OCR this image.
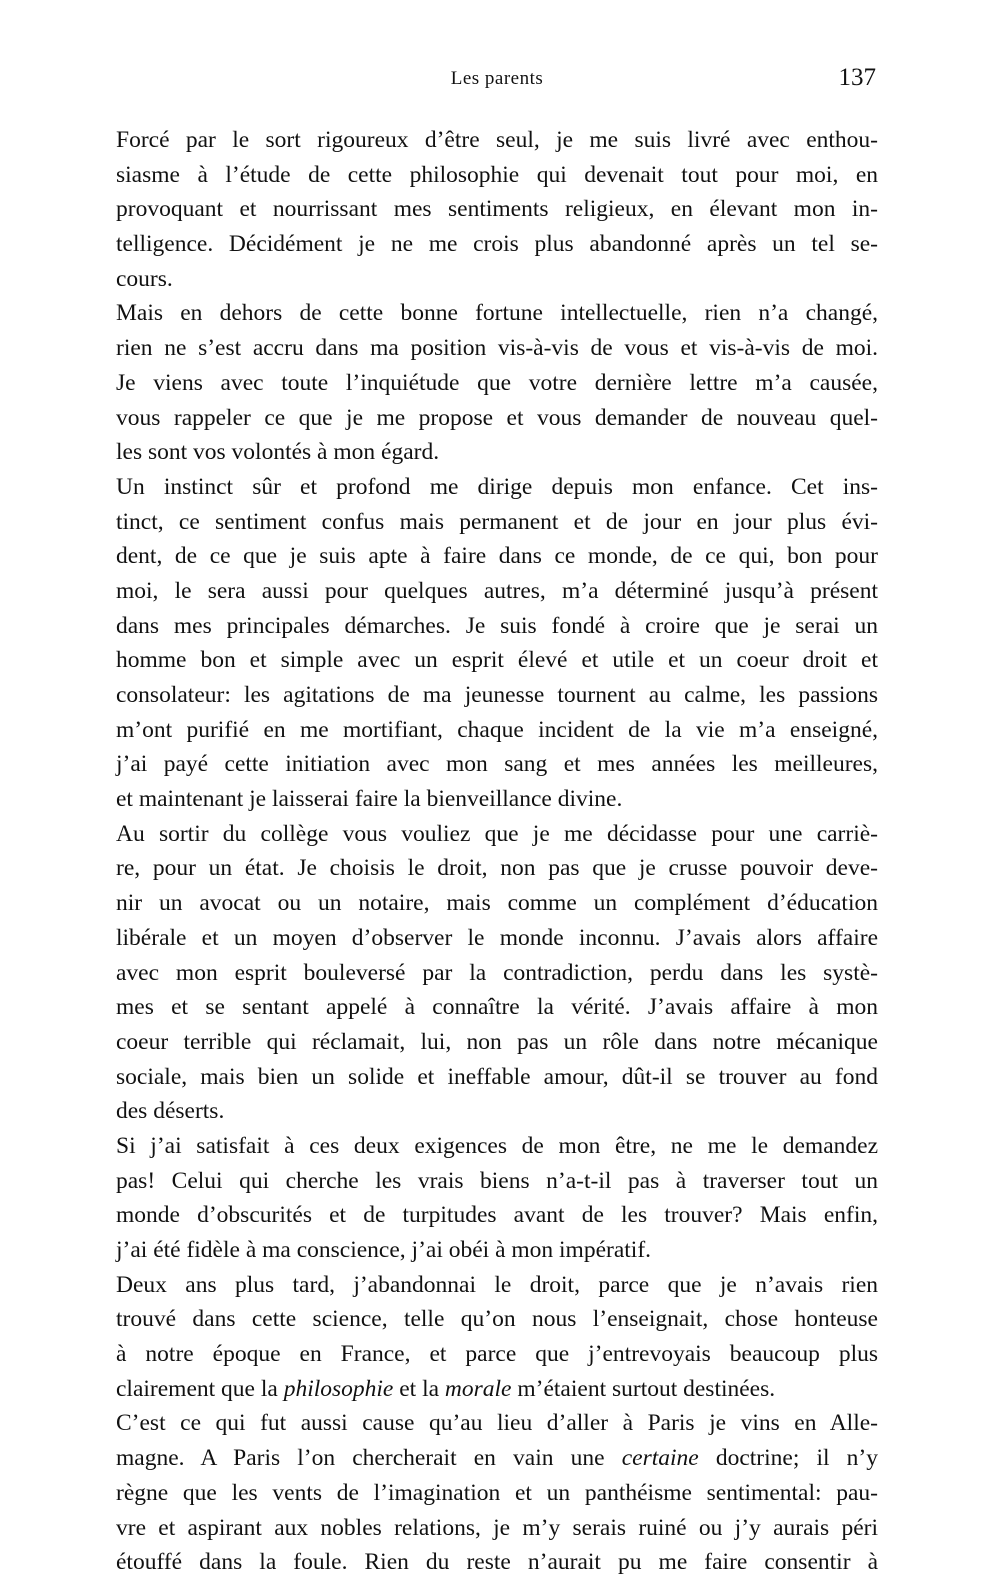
Les parents	137
Forcé par le sort rigoureux d’être seul, je me suis livré avec enthou-
siasme à l’étude de cette philosophie qui devenait tout pour moi, en
provoquant et nourrissant mes sentiments religieux, en élevant mon in-
telligence. Décidément je ne me crois plus abandonné après un tel se-
cours.
Mais en dehors de cette bonne fortune intellectuelle, rien n’a changé,
rien ne s’est accru dans ma position vis-à-vis de vous et vis-à-vis de moi.
Je viens avec toute l’inquiétude que votre dernière lettre m’a causée,
vous rappeler ce que je me propose et vous demander de nouveau quel-
les sont vos volontés à mon égard.
Un instinct sûr et profond me dirige depuis mon enfance. Cet ins-
tinct, ce sentiment confus mais permanent et de jour en jour plus évi-
dent, de ce que je suis apte à faire dans ce monde, de ce qui, bon pour
moi, le sera aussi pour quelques autres, m’a déterminé jusqu’à présent
dans mes principales démarches. Je suis fondé à croire que je serai un
homme bon et simple avec un esprit élevé et utile et un coeur droit et
consolateur: les agitations de ma jeunesse tournent au calme, les passions
m’ont purifié en me mortifiant, chaque incident de la vie m’a enseigné,
j’ai payé cette initiation avec mon sang et mes années les meilleures,
et maintenant je laisserai faire la bienveillance divine.
Au sortir du collège vous vouliez que je me décidasse pour une carriè-
re, pour un état. Je choisis le droit, non pas que je crusse pouvoir deve-
nir un avocat ou un notaire, mais comme un complément d’éducation
libérale et un moyen d’observer le monde inconnu. J’avais alors affaire
avec mon esprit bouleversé par la contradiction, perdu dans les systè-
mes et se sentant appelé à connaître la vérité. J’avais affaire à mon
coeur terrible qui réclamait, lui, non pas un rôle dans notre mécanique
sociale, mais bien un solide et ineffable amour, dût-il se trouver au fond
des déserts.
Si j’ai satisfait à ces deux exigences de mon être, ne me le demandez
pas! Celui qui cherche les vrais biens n’a-t-il pas à traverser tout un
monde d’obscurités et de turpitudes avant de les trouver? Mais enfin,
j’ai été fidèle à ma conscience, j’ai obéi à mon impératif.
Deux ans plus tard, j’abandonnai le droit, parce que je n’avais rien
trouvé dans cette science, telle qu’on nous l’enseignait, chose honteuse
à notre époque en France, et parce que j’entrevoyais beaucoup plus
clairement que la philosophie et la morale m’étaient surtout destinées.
C’est ce qui fut aussi cause qu’au lieu d’aller à Paris je vins en Alle-
magne. A Paris l’on chercherait en vain une certaine doctrine; il n’y
règne que les vents de l’imagination et un panthéisme sentimental: pau-
vre et aspirant aux nobles relations, je m’y serais ruiné ou j’y aurais péri
étouffé dans la foule. Rien du reste n’aurait pu me faire consentir à
